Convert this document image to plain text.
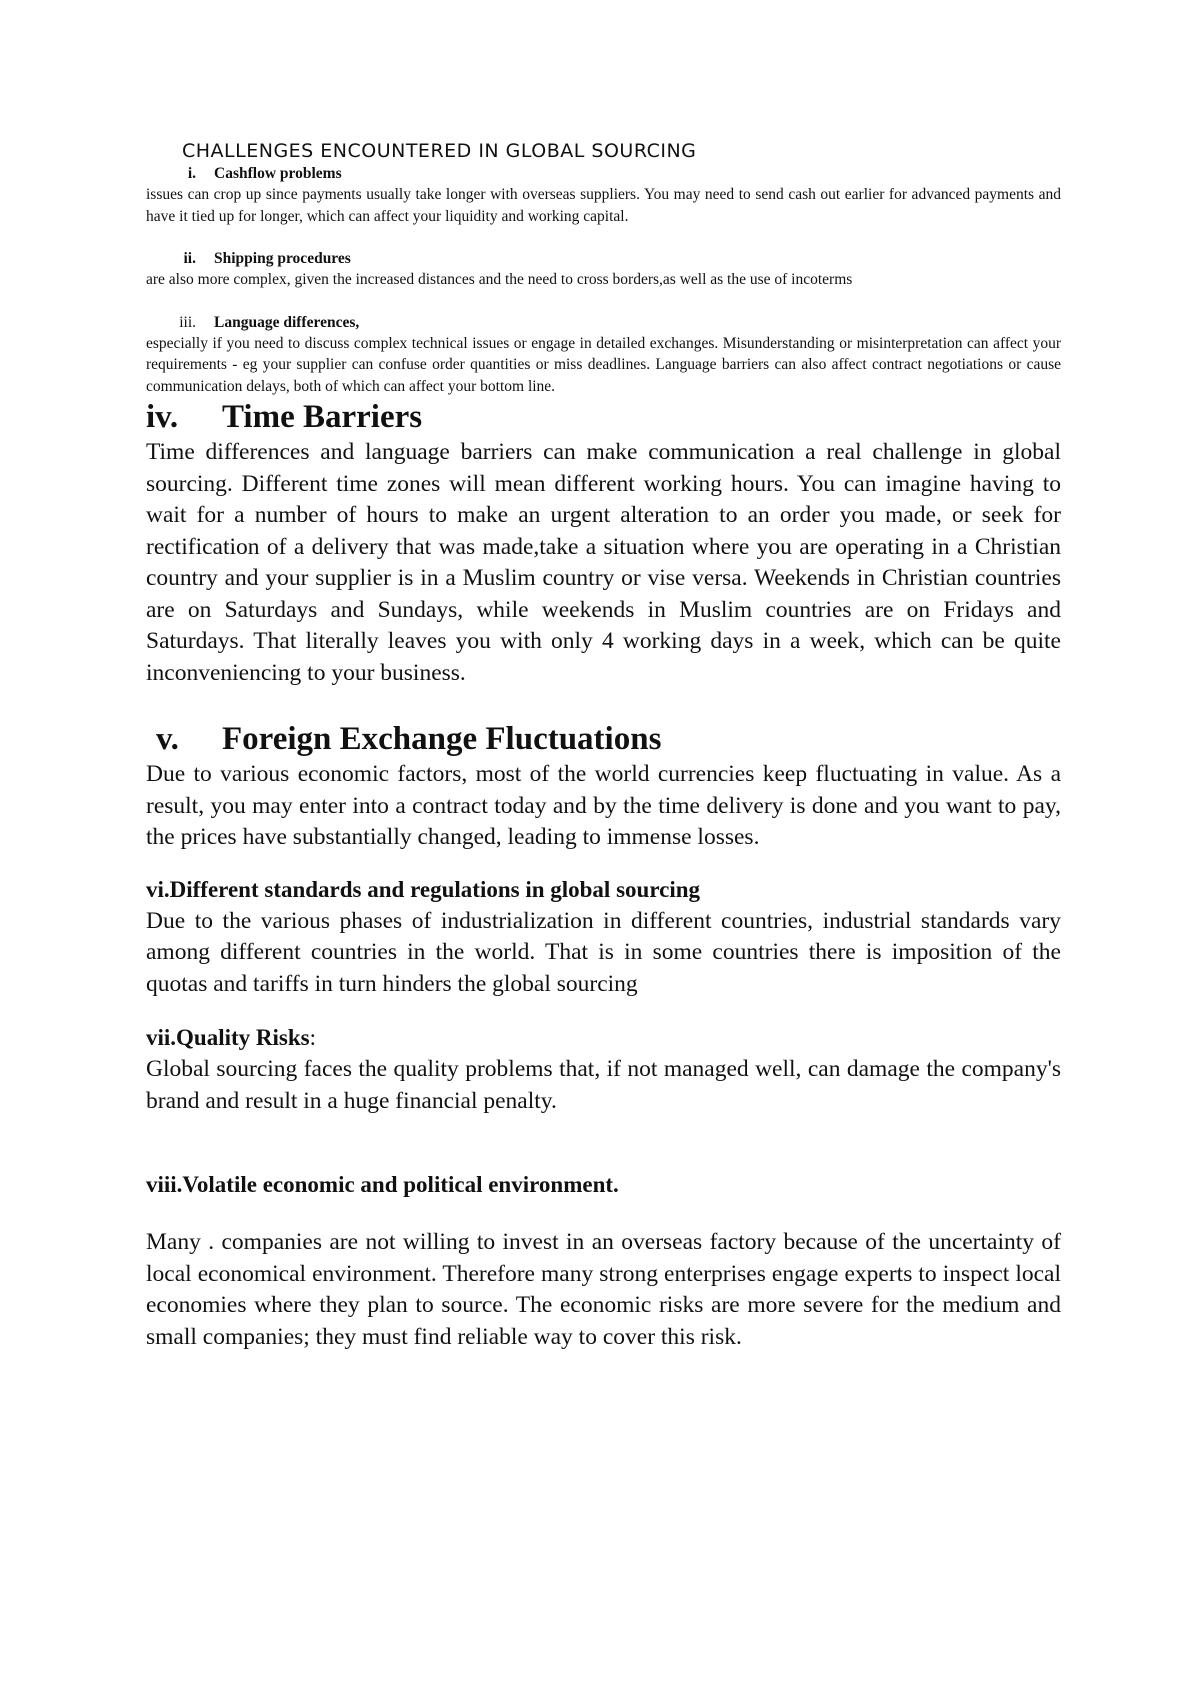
CHALLENGES ENCOUNTERED IN GLOBAL SOURCING
i.	Cashflow problems

issues can crop up since payments usually take longer with overseas suppliers. You may need to send cash out earlier for advanced payments and have it tied up for longer, which can affect your liquidity and working capital.

ii.	Shipping procedures

are also more complex, given the increased distances and the need to cross borders,as well as the use of incoterms

iii.	Language differences,

especially if you need to discuss complex technical issues or engage in detailed exchanges. Misunderstanding or misinterpretation can affect your requirements - eg your supplier can confuse order quantities or miss deadlines. Language barriers can also affect contract negotiations or cause communication delays, both of which can affect your bottom line.

iv.	Time Barriers

Time differences and language barriers can make communication a real challenge in global sourcing. Different time zones will mean different working hours. You can imagine having to wait for a number of hours to make an urgent alteration to an order you made, or seek for rectification of a delivery that was made,take a situation where you are operating in a Christian country and your supplier is in a Muslim country or vise versa. Weekends in Christian countries are on Saturdays and Sundays, while weekends in Muslim countries are on Fridays and Saturdays. That literally leaves you with only 4 working days in a week, which can be quite inconveniencing to your business.

v.	Foreign Exchange Fluctuations

Due to various economic factors, most of the world currencies keep fluctuating in value. As a result, you may enter into a contract today and by the time delivery is done and you want to pay, the prices have substantially changed, leading to immense losses.

vi.Different standards and regulations in global sourcing

Due to the various phases of industrialization in different countries, industrial standards vary among different countries in the world. That is in some countries there is imposition of the quotas and tariffs in turn hinders the global sourcing

vii.Quality Risks:

Global sourcing faces the quality problems that, if not managed well, can damage the company's brand and result in a huge financial penalty.

viii.Volatile economic and political environment.

Many . companies are not willing to invest in an overseas factory because of the uncertainty of local economical environment. Therefore many strong enterprises engage experts to inspect local economies where they plan to source. The economic risks are more severe for the medium and small companies; they must find reliable way to cover this risk.
